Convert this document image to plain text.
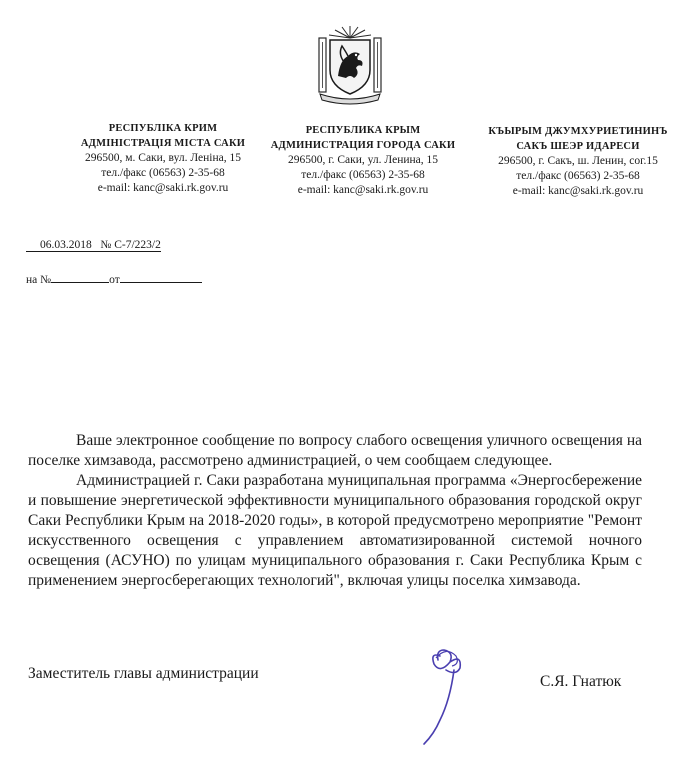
РЕСПУБЛІКА КРИМ
АДМІНІСТРАЦІЯ МІСТА САКИ
296500, м. Саки, вул. Леніна, 15
тел./факс (06563) 2-35-68
e-mail: kanc@saki.rk.gov.ru
РЕСПУБЛИКА КРЫМ
АДМИНИСТРАЦИЯ ГОРОДА САКИ
296500, г. Саки, ул. Ленина, 15
тел./факс (06563) 2-35-68
e-mail: kanc@saki.rk.gov.ru
КЪЫРЫМ ДЖУМХУРИЕТИНИНЪ
САКЪ ШЕЭР ИДАРЕСИ
296500, г. Сакъ, ш. Ленин, сог.15
тел./факс (06563) 2-35-68
e-mail: kanc@saki.rk.gov.ru
06.03.2018 № С-7/223/2
на №	от

Ваше электронное сообщение по вопросу слабого освещения уличного освещения на поселке химзавода, рассмотрено администрацией, о чем сообщаем следующее.

Администрацией г. Саки разработана муниципальная программа «Энергосбережение и повышение энергетической эффективности муниципального образования городской округ Саки Республики Крым на 2018-2020 годы», в которой предусмотрено мероприятие "Ремонт искусственного освещения с управлением автоматизированной системой ночного освещения (АСУНО) по улицам муниципального образования г. Саки Республика Крым с применением энергосберегающих технологий", включая улицы поселка химзавода.

Заместитель главы администрации	С.Я. Гнатюк
